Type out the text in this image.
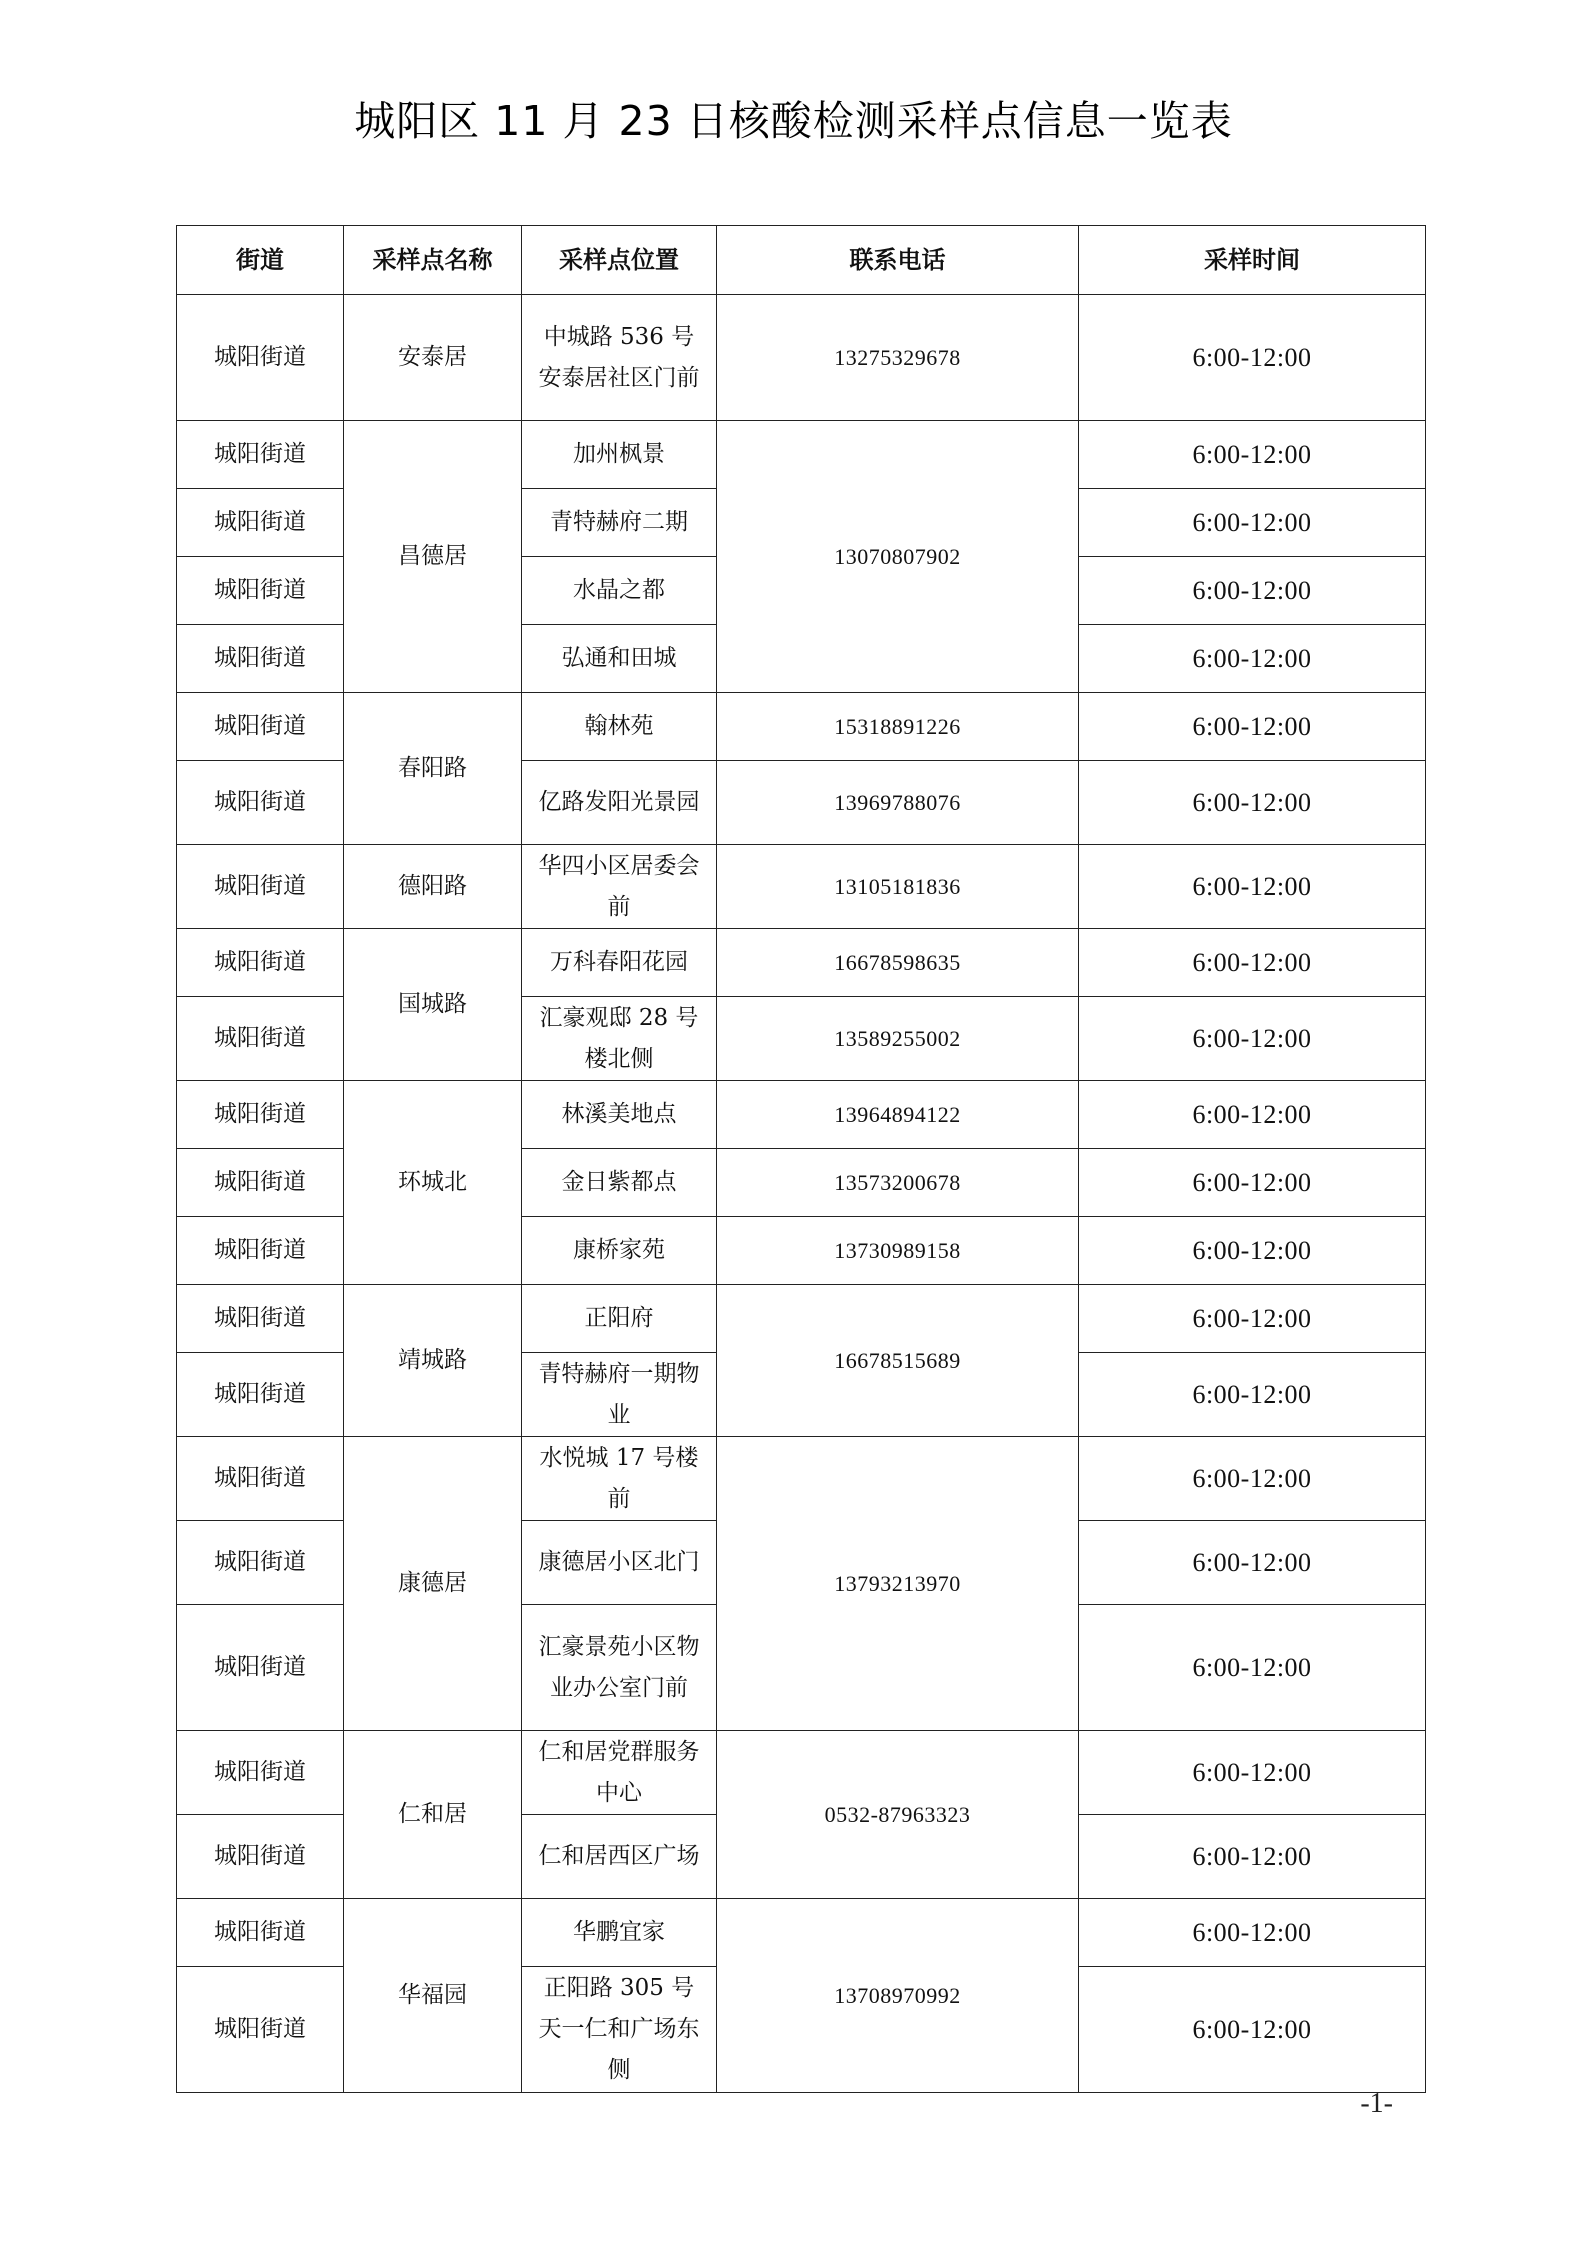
城阳区 11 月 23 日核酸检测采样点信息一览表
街道	采样点名称	采样点位置	联系电话	采样时间
城阳街道	安泰居	中城路 536 号安泰居社区门前	13275329678	6:00-12:00
城阳街道	昌德居	加州枫景	13070807902	6:00-12:00
城阳街道		青特赫府二期		6:00-12:00
城阳街道		水晶之都		6:00-12:00
城阳街道		弘通和田城		6:00-12:00
城阳街道	春阳路	翰林苑	15318891226	6:00-12:00
城阳街道		亿路发阳光景园	13969788076	6:00-12:00
城阳街道	德阳路	华四小区居委会前	13105181836	6:00-12:00
城阳街道	国城路	万科春阳花园	16678598635	6:00-12:00
城阳街道		汇豪观邸 28 号楼北侧	13589255002	6:00-12:00
城阳街道	环城北	林溪美地点	13964894122	6:00-12:00
城阳街道		金日紫都点	13573200678	6:00-12:00
城阳街道		康桥家苑	13730989158	6:00-12:00
城阳街道	靖城路	正阳府	16678515689	6:00-12:00
城阳街道		青特赫府一期物业		6:00-12:00
城阳街道	康德居	水悦城 17 号楼前	13793213970	6:00-12:00
城阳街道		康德居小区北门		6:00-12:00
城阳街道		汇豪景苑小区物业办公室门前		6:00-12:00
城阳街道	仁和居	仁和居党群服务中心	0532-87963323	6:00-12:00
城阳街道		仁和居西区广场		6:00-12:00
城阳街道	华福园	华鹏宜家	13708970992	6:00-12:00
城阳街道		正阳路 305 号天一仁和广场东侧		6:00-12:00
-1-
